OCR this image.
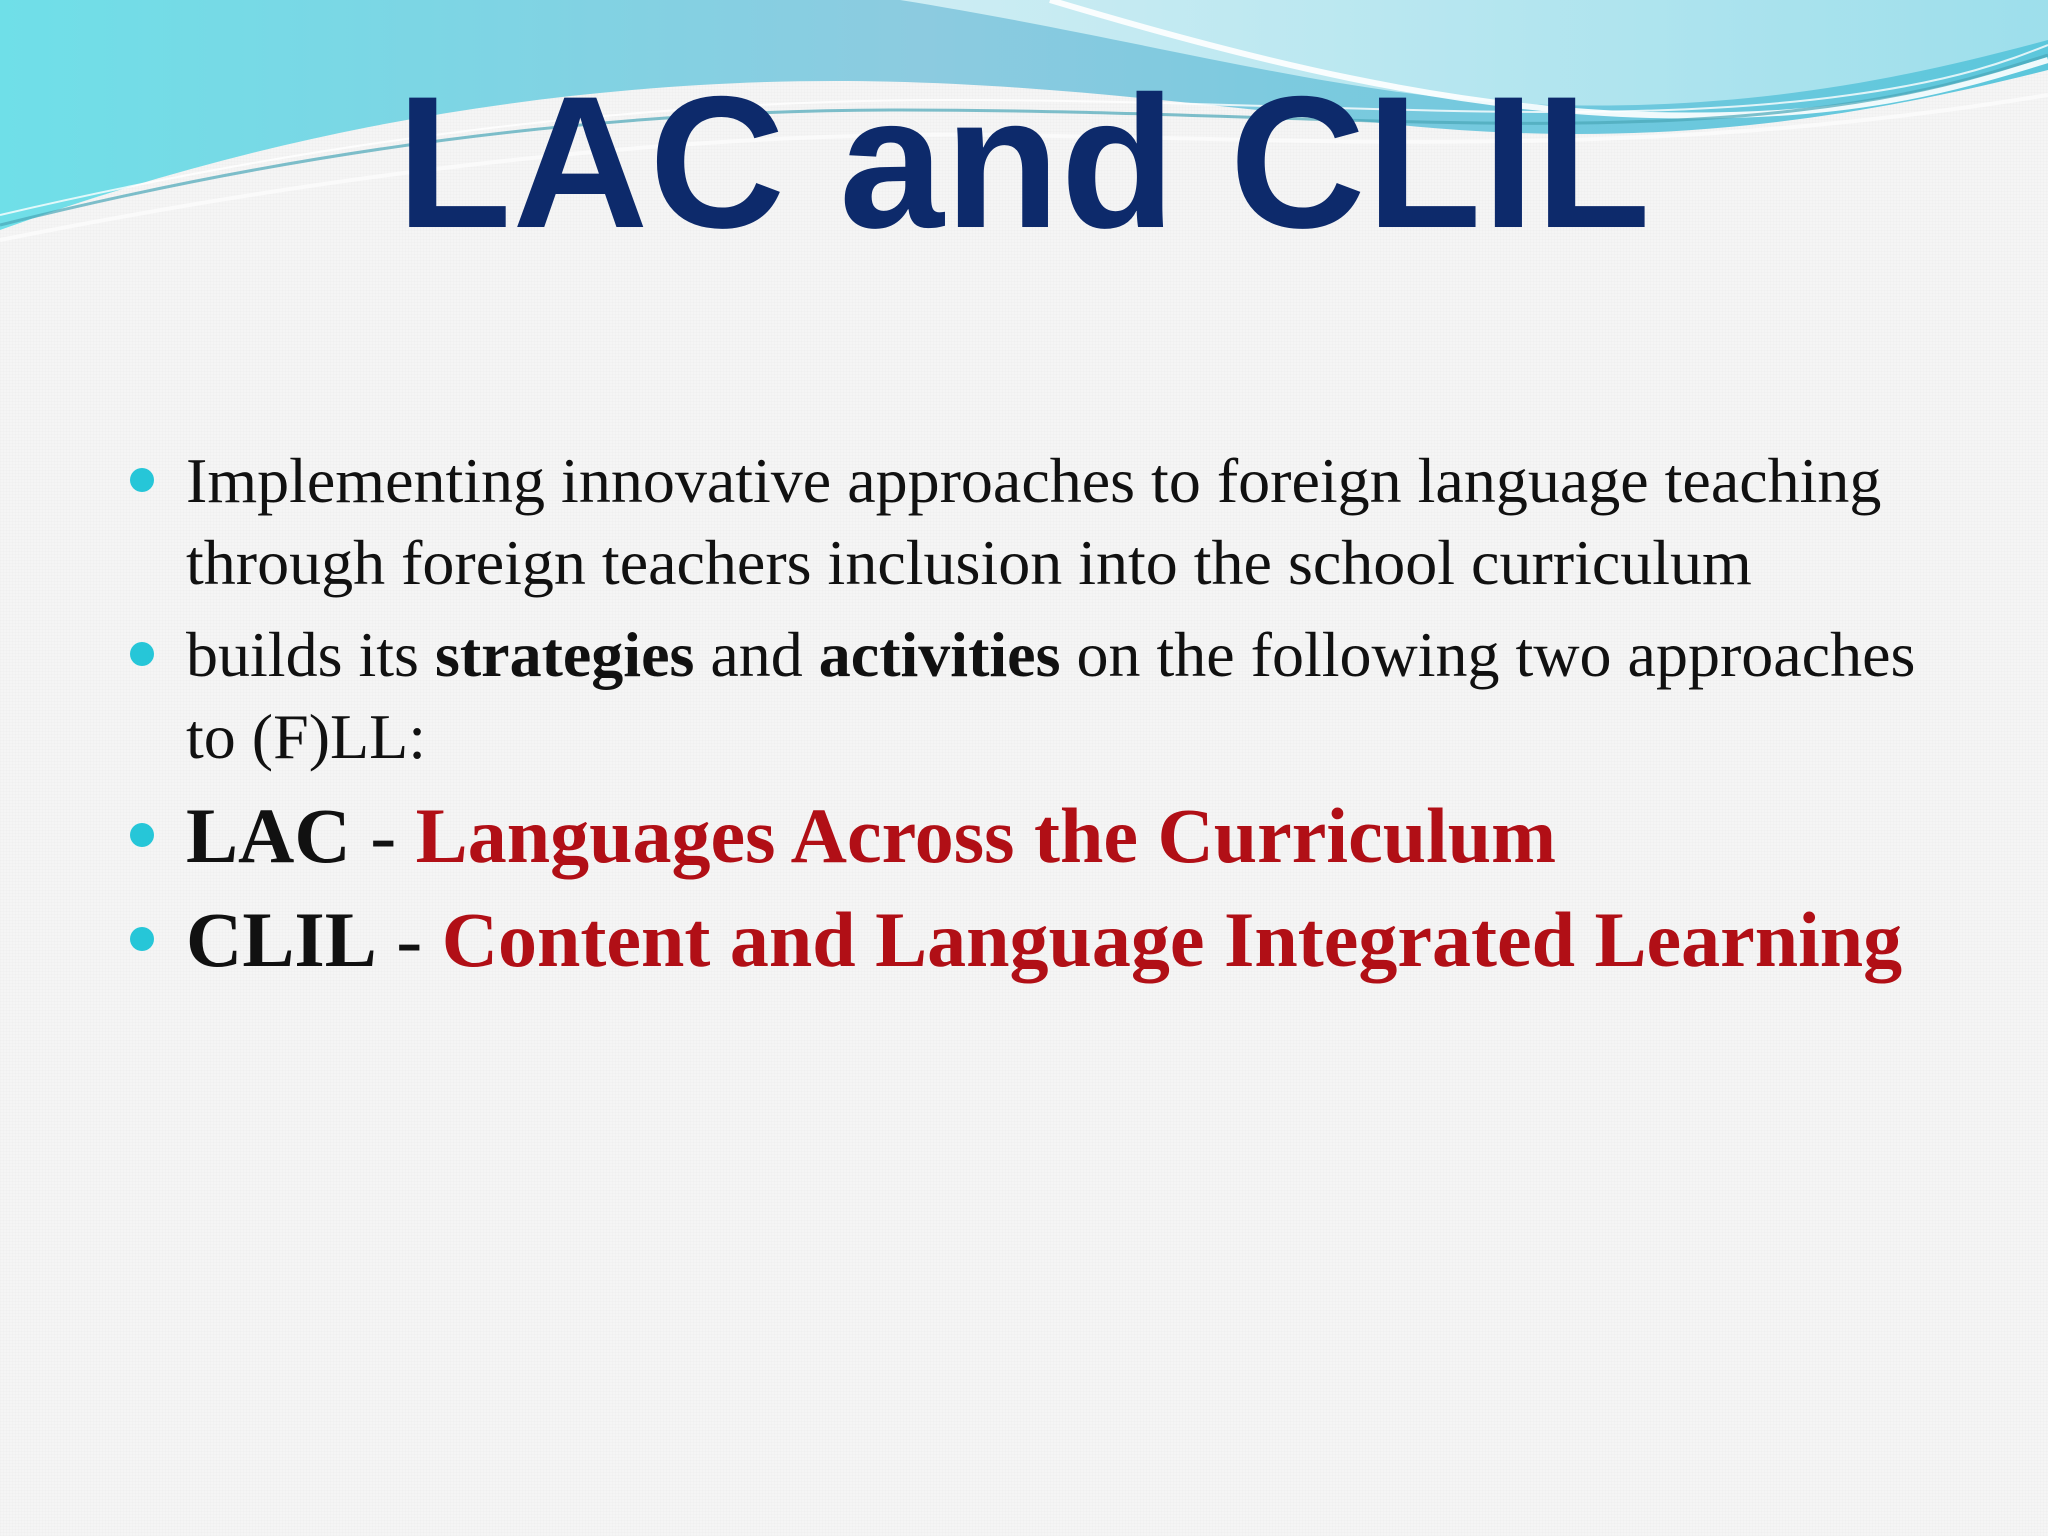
LAC and CLIL
Implementing innovative approaches to foreign language teaching through foreign teachers inclusion into the school curriculum
builds its strategies and activities on the following two approaches to (F)LL:
LAC - Languages Across the Curriculum
CLIL - Content and Language Integrated Learning
